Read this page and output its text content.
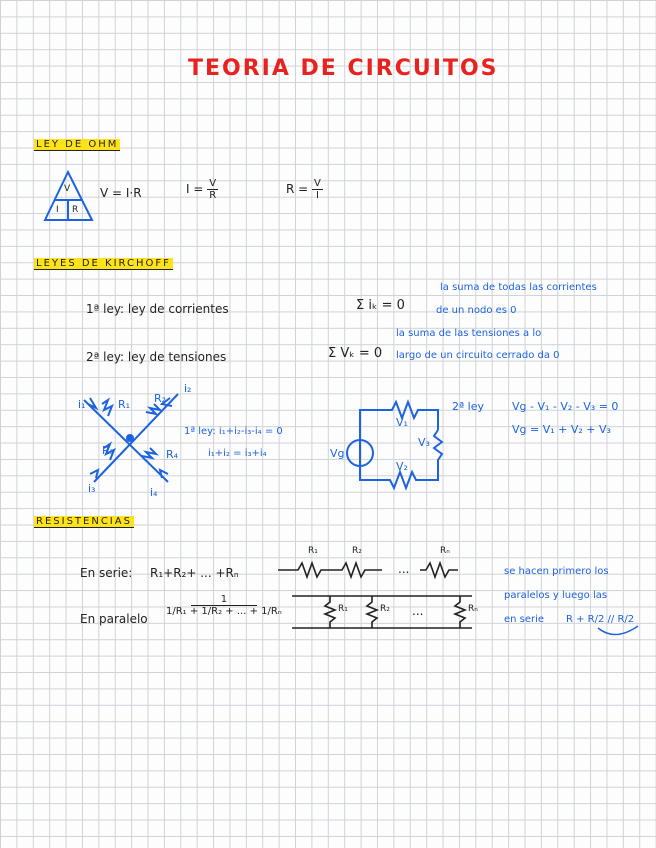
TEORIA DE CIRCUITOS
LEY DE OHM
V
I R
V = I·R	$I = \frac{V}{R}$	$R = \frac{V}{I}$
LEYES DE KIRCHOFF
1ª ley: ley de corrientes	Σ iₖ = 0
la suma de todas las corrientes
de un nodo es 0
2ª ley: ley de tensiones	Σ Vₖ = 0
la suma de las tensiones a lo
largo de un circuito cerrado da 0
i₁
i₂
i₃	i₄
R₁ R₂
R₃	R₄
1ª ley: i₁+i₂-i₃-i₄ = 0
i₁+i₂ = i₃+i₄
V₁
V₂
V₃
Vg
2ª ley	Vg - V₁ - V₂ - V₃ = 0
Vg = V₁ + V₂ + V₃
RESISTENCIAS
En serie: R₁+R₂+ ... +Rₙ
R₁	R₂	Rₙ
...
En paralelo
$\frac{1}{\text{1/R₁ + 1/R₂ + ... + 1/Rₙ}}$	R₁	R₂	Rₙ
...
se hacen primero los
paralelos y luego las
en serie R + R/2 // R/2
